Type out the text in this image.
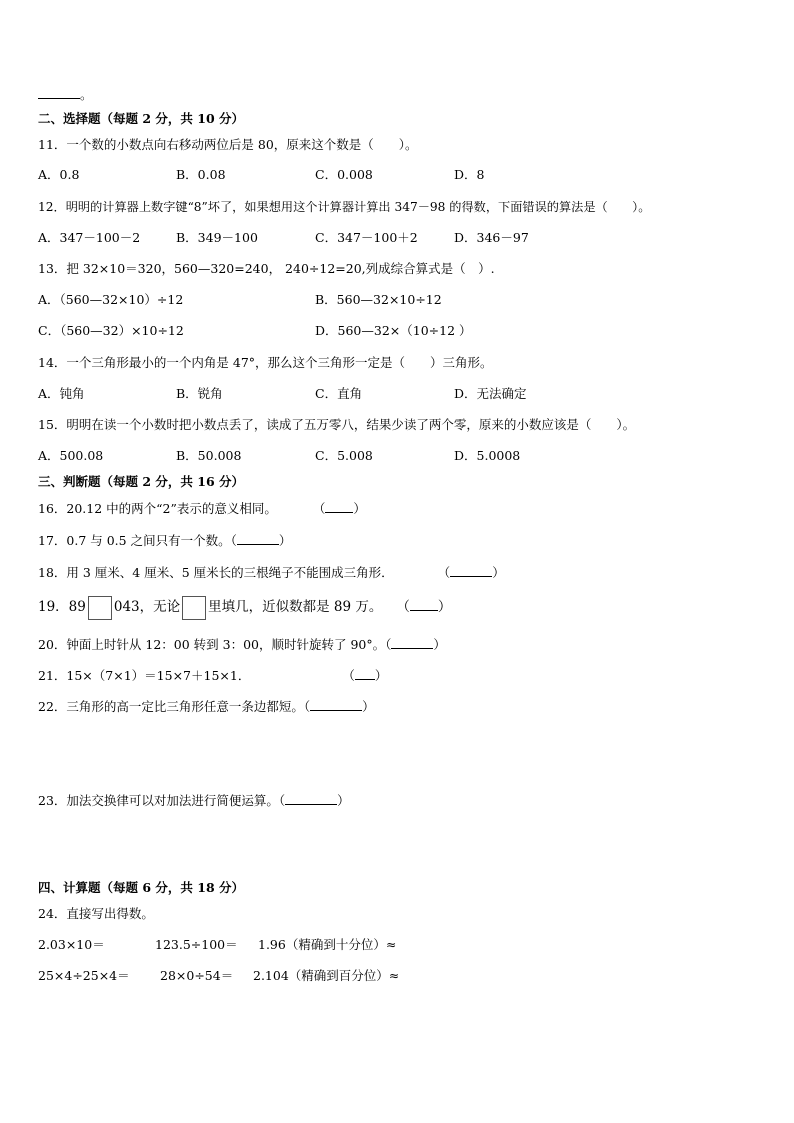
。
二、选择题（每题 2 分，共 10 分）
11．一个数的小数点向右移动两位后是 80，原来这个数是（　　）。
A．0.8	B．0.08	C．0.008	D．8
12．明明的计算器上数字键“8”坏了，如果想用这个计算器计算出 347－98 的得数，下面错误的算法是（　　）。
A．347－100－2	B．349－100	C．347－100＋2	D．346－97
13．把 32×10＝320，560—320=240， 240÷12=20,列成综合算式是（　）.
A．（560—32×10）÷12	B．560—32×10÷12
C．（560—32）×10÷12	D．560—32×（10÷12 ）
14．一个三角形最小的一个内角是 47°，那么这个三角形一定是（　　）三角形。
A．钝角	B．锐角	C．直角	D．无法确定
15．明明在读一个小数时把小数点丢了，读成了五万零八，结果少读了两个零，原来的小数应该是（　　）。
A．500.08	B．50.008	C．5.008	D．5.0008
三、判断题（每题 2 分，共 16 分）
16．20.12 中的两个“2”表示的意义相同。	（ ）
17．0.7 与 0.5 之间只有一个数。（	）
18．用 3 厘米、4 厘米、5 厘米长的三根绳子不能围成三角形．	（	）
19．89 043，无论 里填几，近似数都是 89 万。 （ ）
20．钟面上时针从 12：00 转到 3：00，顺时针旋转了 90°。（	）
21．15×（7×1）＝15×7＋15×1．	（ ）
22．三角形的高一定比三角形任意一条边都短。（	）
23．加法交换律可以对加法进行简便运算。（	）
四、计算题（每题 6 分，共 18 分）
24．直接写出得数。
2.03×10＝	123.5÷100＝ 1.96（精确到十分位）≈
25×4÷25×4＝ 28×0÷54＝ 2.104（精确到百分位）≈
